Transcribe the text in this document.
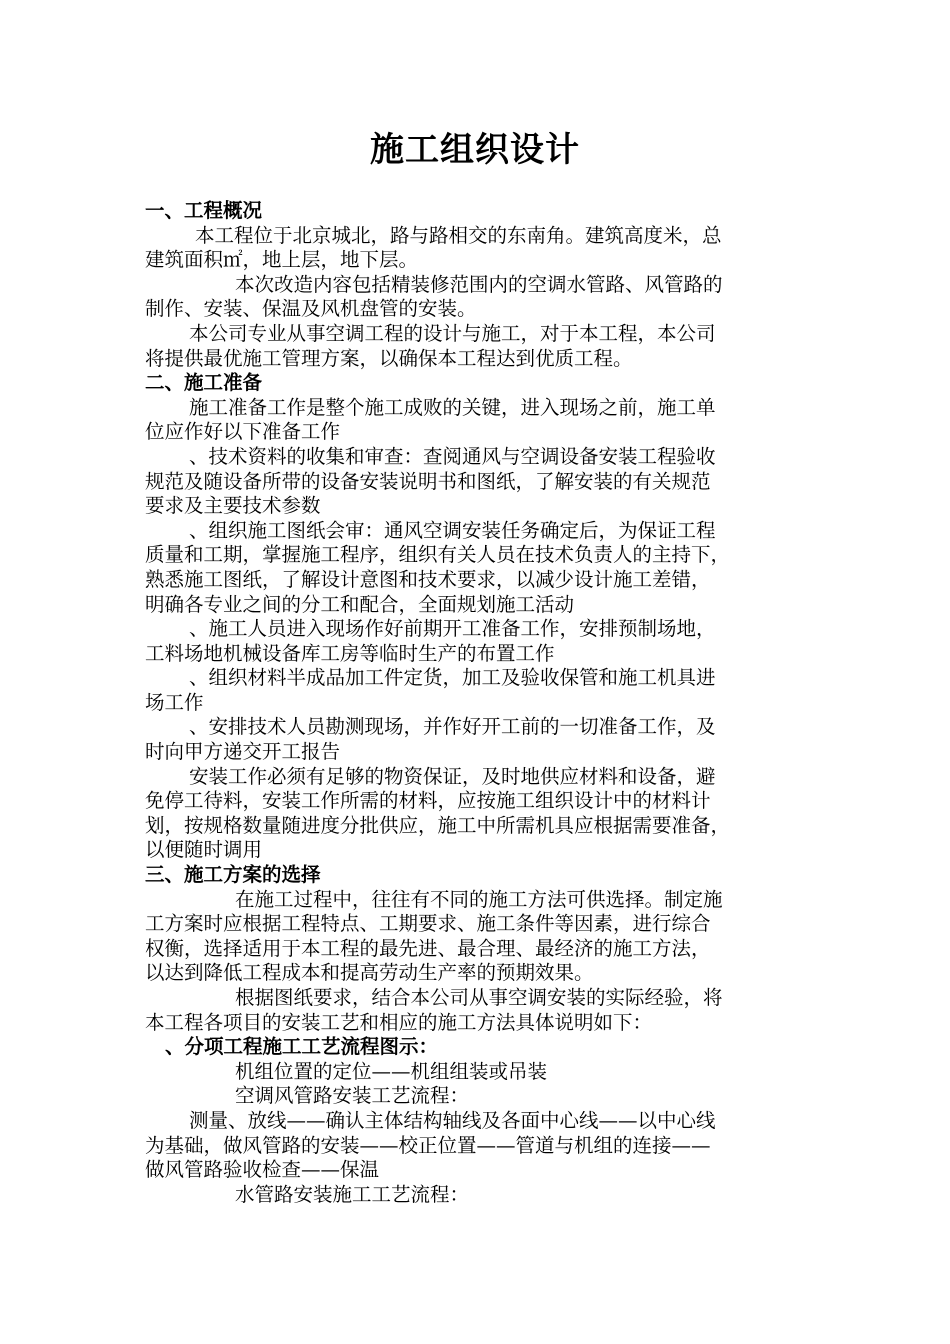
施工组织设计
一、工程概况
本工程位于北京城北，路与路相交的东南角。建筑高度米，总
建筑面积㎡，地上层，地下层。
本次改造内容包括精装修范围内的空调水管路、风管路的
制作、安装、保温及风机盘管的安装。
本公司专业从事空调工程的设计与施工，对于本工程，本公司
将提供最优施工管理方案，以确保本工程达到优质工程。
二、施工准备
施工准备工作是整个施工成败的关键，进入现场之前，施工单
位应作好以下准备工作
、技术资料的收集和审查：查阅通风与空调设备安装工程验收
规范及随设备所带的设备安装说明书和图纸，了解安装的有关规范
要求及主要技术参数
、组织施工图纸会审：通风空调安装任务确定后，为保证工程
质量和工期，掌握施工程序，组织有关人员在技术负责人的主持下，
熟悉施工图纸，了解设计意图和技术要求，以减少设计施工差错，
明确各专业之间的分工和配合，全面规划施工活动
、施工人员进入现场作好前期开工准备工作，安排预制场地，
工料场地机械设备库工房等临时生产的布置工作
、组织材料半成品加工件定货，加工及验收保管和施工机具进
场工作
、安排技术人员勘测现场，并作好开工前的一切准备工作，及
时向甲方递交开工报告
安装工作必须有足够的物资保证，及时地供应材料和设备，避
免停工待料，安装工作所需的材料，应按施工组织设计中的材料计
划，按规格数量随进度分批供应，施工中所需机具应根据需要准备，
以便随时调用
三、施工方案的选择
在施工过程中，往往有不同的施工方法可供选择。制定施
工方案时应根据工程特点、工期要求、施工条件等因素，进行综合
权衡，选择适用于本工程的最先进、最合理、最经济的施工方法，
以达到降低工程成本和提高劳动生产率的预期效果。
根据图纸要求，结合本公司从事空调安装的实际经验，将
本工程各项目的安装工艺和相应的施工方法具体说明如下：
、分项工程施工工艺流程图示：
机组位置的定位——机组组装或吊装
空调风管路安装工艺流程：
测量、放线——确认主体结构轴线及各面中心线——以中心线
为基础，做风管路的安装——校正位置——管道与机组的连接——
做风管路验收检查——保温
水管路安装施工工艺流程：
